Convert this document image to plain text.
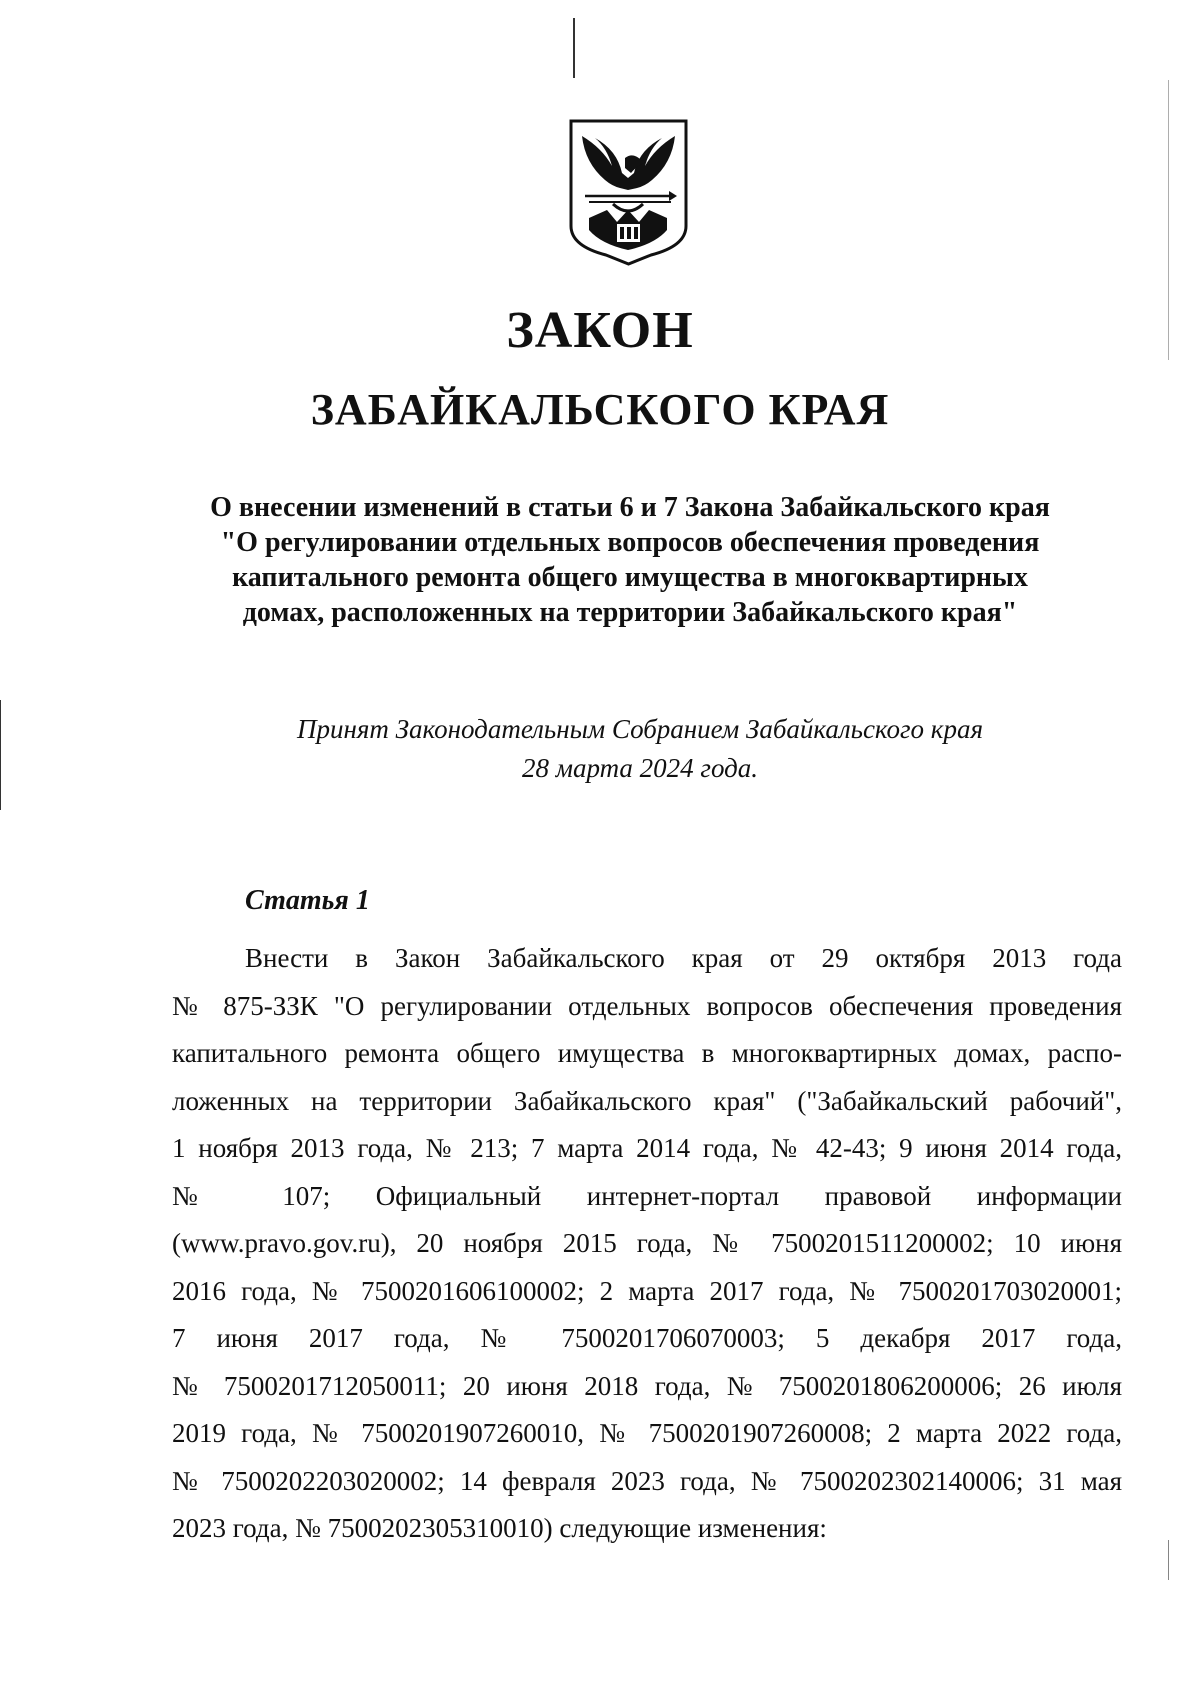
ЗАКОН
ЗАБАЙКАЛЬСКОГО КРАЯ
О внесении изменений в статьи 6 и 7 Закона Забайкальского края
"О регулировании отдельных вопросов обеспечения проведения
капитального ремонта общего имущества в многоквартирных
домах, расположенных на территории Забайкальского края"
Принят Законодательным Собранием Забайкальского края
28 марта 2024 года.
Статья 1
Внести в Закон Забайкальского края от 29 октября 2013 года
№ 875-ЗЗК "О регулировании отдельных вопросов обеспечения проведения
капитального ремонта общего имущества в многоквартирных домах, распо-
ложенных на территории Забайкальского края" ("Забайкальский рабочий",
1 ноября 2013 года, № 213; 7 марта 2014 года, № 42-43; 9 июня 2014 года,
№ 107; Официальный интернет-портал правовой информации
(www.pravo.gov.ru), 20 ноября 2015 года, № 7500201511200002; 10 июня
2016 года, № 7500201606100002; 2 марта 2017 года, № 7500201703020001;
7 июня 2017 года, № 7500201706070003; 5 декабря 2017 года,
№ 7500201712050011; 20 июня 2018 года, № 7500201806200006; 26 июля
2019 года, № 7500201907260010, № 7500201907260008; 2 марта 2022 года,
№ 7500202203020002; 14 февраля 2023 года, № 7500202302140006; 31 мая
2023 года, № 7500202305310010) следующие изменения:
